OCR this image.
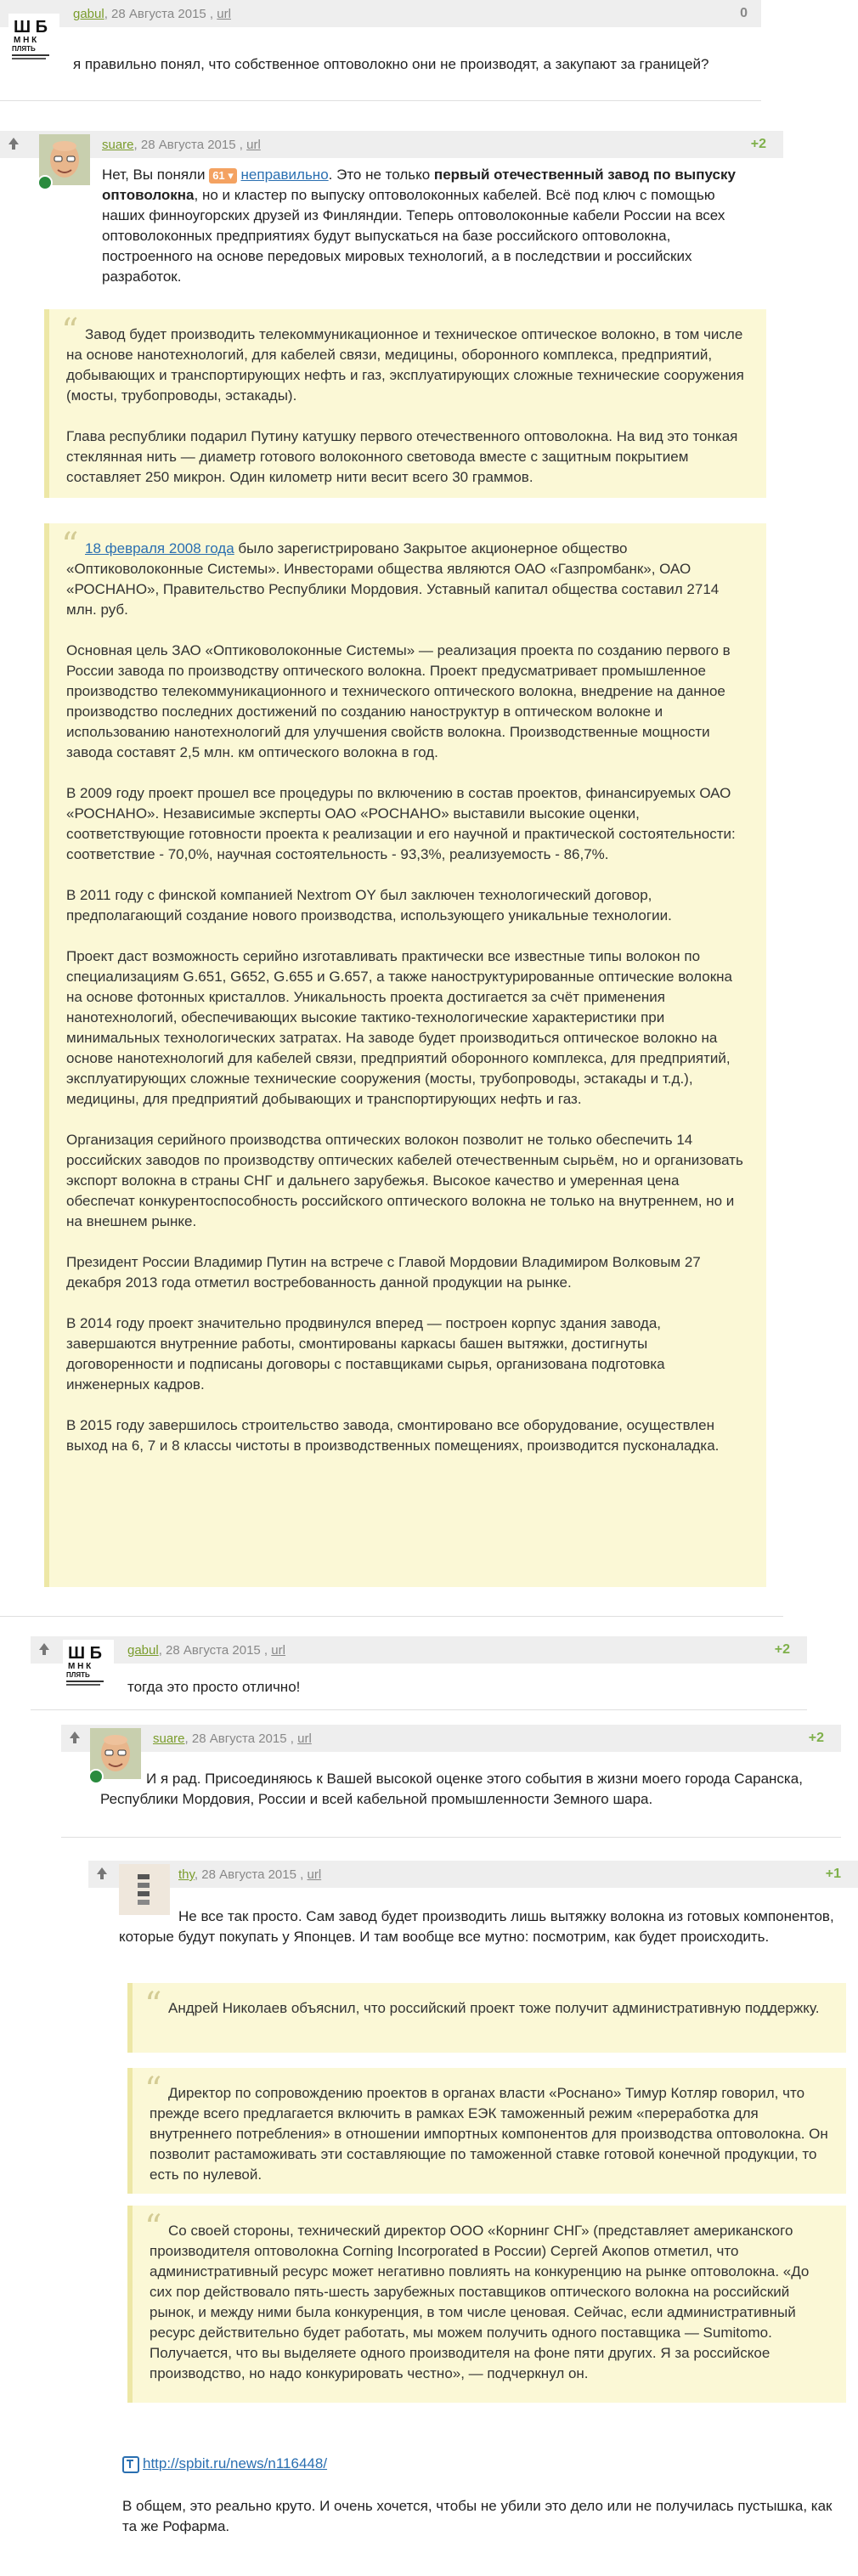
gabul, 28 Августа 2015 , url	0
Ш Б
М Н К
ПЛЯТЬ

я правильно понял, что собственное оптоволокно они не производят, а закупают за границей?

suare, 28 Августа 2015 , url	+2

Нет, Вы поняли 61 ▾ неправильно. Это не только первый отечественный завод по выпуску оптоволокна, но и кластер по выпуску оптоволоконных кабелей. Всё под ключ с помощью наших финноугорских друзей из Финляндии. Теперь оптоволоконные кабели России на всех оптоволоконных предприятиях будут выпускаться на базе российского оптоволокна, построенного на основе передовых мировых технологий, а в последствии и российских разработок.

“ Завод будет производить телекоммуникационное и техническое оптическое волокно, в том числе на основе нанотехнологий, для кабелей связи, медицины, оборонного комплекса, предприятий, добывающих и транспортирующих нефть и газ, эксплуатирующих сложные технические сооружения (мосты, трубопроводы, эстакады).

Глава республики подарил Путину катушку первого отечественного оптоволокна. На вид это тонкая стеклянная нить — диаметр готового волоконного световода вместе с защитным покрытием составляет 250 микрон. Один километр нити весит всего 30 граммов.

“ 18 февраля 2008 года было зарегистрировано Закрытое акционерное общество «Оптиковолоконные Системы». Инвесторами общества являются ОАО «Газпромбанк», ОАО «РОСНАНО», Правительство Республики Мордовия. Уставный капитал общества составил 2714 млн. руб.

Основная цель ЗАО «Оптиковолоконные Системы» — реализация проекта по созданию первого в России завода по производству оптического волокна. Проект предусматривает промышленное производство телекоммуникационного и технического оптического волокна, внедрение на данное производство последних достижений по созданию наноструктур в оптическом волокне и использованию нанотехнологий для улучшения свойств волокна. Производственные мощности завода составят 2,5 млн. км оптического волокна в год.

В 2009 году проект прошел все процедуры по включению в состав проектов, финансируемых ОАО «РОСНАНО». Независимые эксперты ОАО «РОСНАНО» выставили высокие оценки, соответствующие готовности проекта к реализации и его научной и практической состоятельности: соответствие - 70,0%, научная состоятельность - 93,3%, реализуемость - 86,7%.

В 2011 году с финской компанией Nextrom OY был заключен технологический договор, предполагающий создание нового производства, использующего уникальные технологии.

Проект даст возможность серийно изготавливать практически все известные типы волокон по специализациям G.651, G652, G.655 и G.657, а также наноструктурированные оптические волокна на основе фотонных кристаллов. Уникальность проекта достигается за счёт применения нанотехнологий, обеспечивающих высокие тактико-технологические характеристики при минимальных технологических затратах. На заводе будет производиться оптическое волокно на основе нанотехнологий для кабелей связи, предприятий оборонного комплекса, для предприятий, эксплуатирующих сложные технические сооружения (мосты, трубопроводы, эстакады и т.д.), медицины, для предприятий добывающих и транспортирующих нефть и газ.

Организация серийного производства оптических волокон позволит не только обеспечить 14 российских заводов по производству оптических кабелей отечественным сырьём, но и организовать экспорт волокна в страны СНГ и дальнего зарубежья. Высокое качество и умеренная цена обеспечат конкурентоспособность российского оптического волокна не только на внутреннем, но и на внешнем рынке.

Президент России Владимир Путин на встрече с Главой Мордовии Владимиром Волковым 27 декабря 2013 года отметил востребованность данной продукции на рынке.

В 2014 году проект значительно продвинулся вперед — построен корпус здания завода, завершаются внутренние работы, смонтированы каркасы башен вытяжки, достигнуты договоренности и подписаны договоры с поставщиками сырья, организована подготовка инженерных кадров.

В 2015 году завершилось строительство завода, смонтировано все оборудование, осуществлен выход на 6, 7 и 8 классы чистоты в производственных помещениях, производится пусконаладка.

gabul, 28 Августа 2015 , url	+2
Ш Б
М Н К
ПЛЯТЬ

тогда это просто отлично!

suare, 28 Августа 2015 , url	+2

И я рад. Присоединяюсь к Вашей высокой оценке этого события в жизни моего города Саранска, Республики Мордовия, России и всей кабельной промышленности Земного шара.

thy, 28 Августа 2015 , url	+1

Не все так просто. Сам завод будет производить лишь вытяжку волокна из готовых компонентов, которые будут покупать у Японцев. И там вообще все мутно: посмотрим, как будет происходить.

“ Андрей Николаев объяснил, что российский проект тоже получит административную поддержку.

“ Директор по сопровождению проектов в органах власти «Роснано» Тимур Котляр говорил, что прежде всего предлагается включить в рамках ЕЭК таможенный режим «переработка для внутреннего потребления» в отношении импортных компонентов для производства оптоволокна. Он позволит растаможивать эти составляющие по таможенной ставке готовой конечной продукции, то есть по нулевой.

“ Со своей стороны, технический директор ООО «Корнинг СНГ» (представляет американского производителя оптоволокна Corning Incorporated в России) Сергей Акопов отметил, что административный ресурс может негативно повлиять на конкуренцию на рынке оптоволокна. «До сих пор действовало пять-шесть зарубежных поставщиков оптического волокна на российский рынок, и между ними была конкуренция, в том числе ценовая. Сейчас, если административный ресурс действительно будет работать, мы можем получить одного поставщика — Sumitomo. Получается, что вы выделяете одного производителя на фоне пяти других. Я за российское производство, но надо конкурировать честно», — подчеркнул он.

http://spbit.ru/news/n116448/

В общем, это реально круто. И очень хочется, чтобы не убили это дело или не получилась пустышка, как та же Рофарма.
